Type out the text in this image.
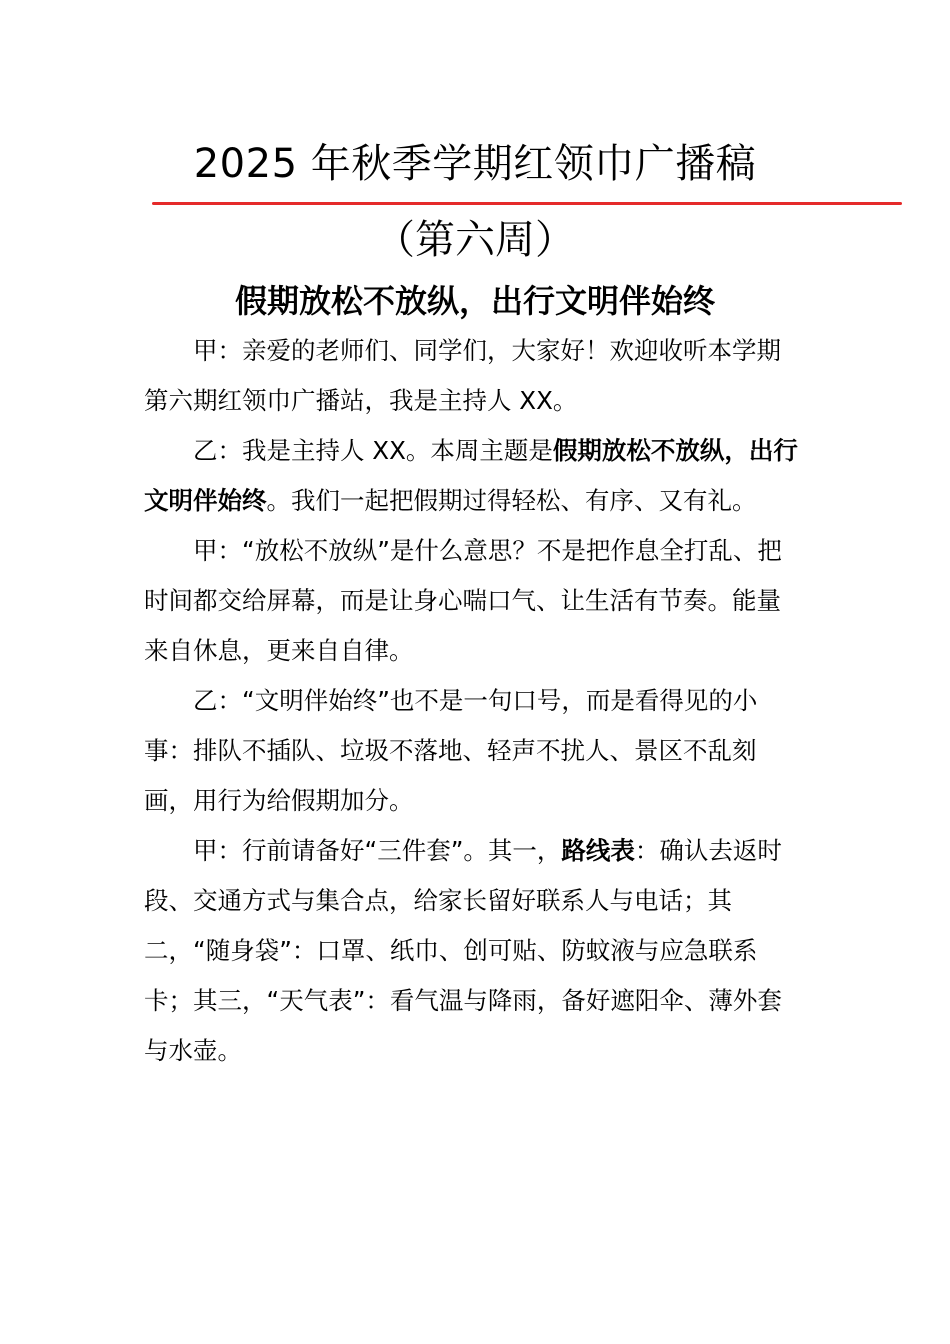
2025 年秋季学期红领巾广播稿
（第六周）
假期放松不放纵，出行文明伴始终

甲：亲爱的老师们、同学们，大家好！欢迎收听本学期第六期红领巾广播站，我是主持人 XX。

乙：我是主持人 XX。本周主题是假期放松不放纵，出行文明伴始终。我们一起把假期过得轻松、有序、又有礼。

甲：“放松不放纵”是什么意思？不是把作息全打乱、把时间都交给屏幕，而是让身心喘口气、让生活有节奏。能量来自休息，更来自自律。

乙：“文明伴始终”也不是一句口号，而是看得见的小事：排队不插队、垃圾不落地、轻声不扰人、景区不乱刻画，用行为给假期加分。

甲：行前请备好“三件套”。其一，路线表：确认去返时段、交通方式与集合点，给家长留好联系人与电话；其二，“随身袋”：口罩、纸巾、创可贴、防蚊液与应急联系卡；其三，“天气表”：看气温与降雨，备好遮阳伞、薄外套与水壶。
